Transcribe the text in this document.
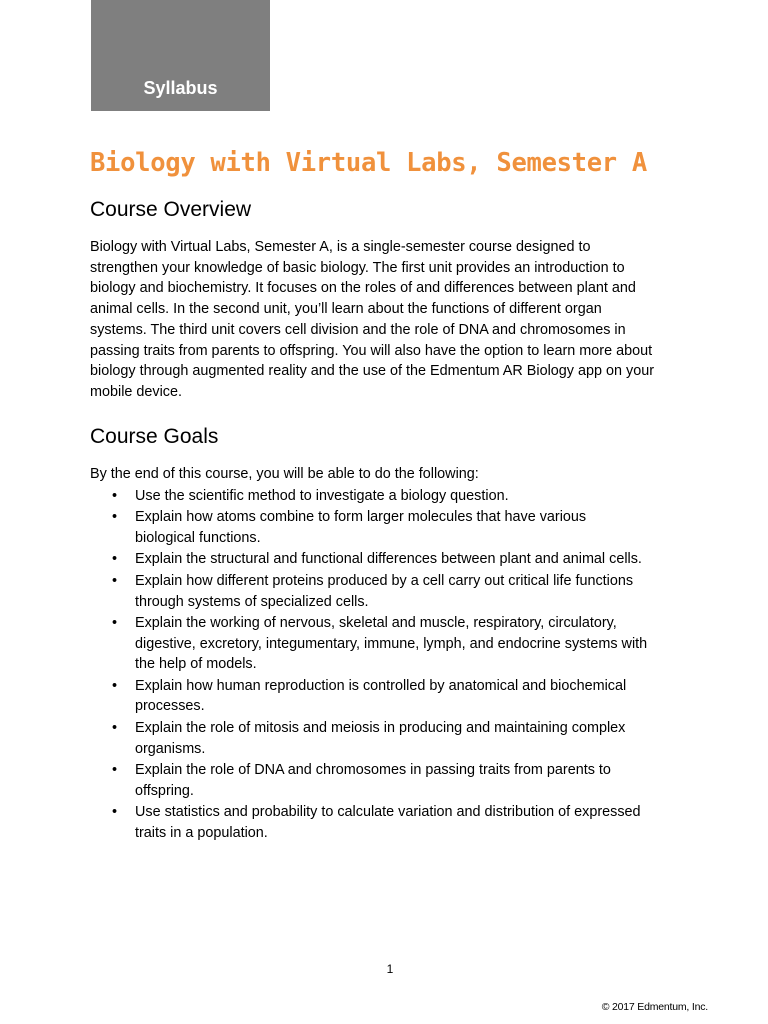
Syllabus
Biology with Virtual Labs, Semester A
Course Overview
Biology with Virtual Labs, Semester A, is a single-semester course designed to
strengthen your knowledge of basic biology. The first unit provides an introduction to
biology and biochemistry. It focuses on the roles of and differences between plant and
animal cells. In the second unit, you’ll learn about the functions of different organ
systems. The third unit covers cell division and the role of DNA and chromosomes in
passing traits from parents to offspring. You will also have the option to learn more about
biology through augmented reality and the use of the Edmentum AR Biology app on your
mobile device.
Course Goals

By the end of this course, you will be able to do the following:

• Use the scientific method to investigate a biology question.
• Explain how atoms combine to form larger molecules that have various
biological functions.
• Explain the structural and functional differences between plant and animal cells.
• Explain how different proteins produced by a cell carry out critical life functions
through systems of specialized cells.
• Explain the working of nervous, skeletal and muscle, respiratory, circulatory,
digestive, excretory, integumentary, immune, lymph, and endocrine systems with
the help of models.
• Explain how human reproduction is controlled by anatomical and biochemical
processes.
• Explain the role of mitosis and meiosis in producing and maintaining complex
organisms.
• Explain the role of DNA and chromosomes in passing traits from parents to
offspring.
• Use statistics and probability to calculate variation and distribution of expressed
traits in a population.
1
© 2017 Edmentum, Inc.
